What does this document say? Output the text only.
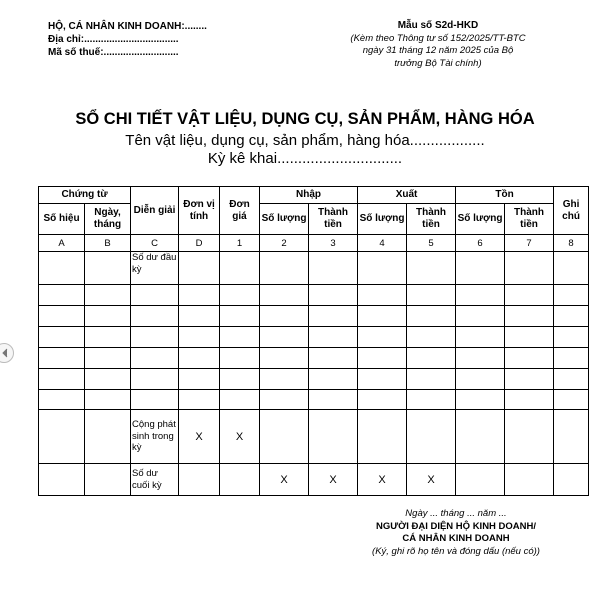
HỘ, CÁ NHÂN KINH DOANH:........
Địa chỉ:..................................
Mã số thuế:...........................
Mẫu số S2d-HKD
(Kèm theo Thông tư số 152/2025/TT-BTC ngày 31 tháng 12 năm 2025 của Bộ trưởng Bộ Tài chính)
SỔ CHI TIẾT VẬT LIỆU, DỤNG CỤ, SẢN PHẨM, HÀNG HÓA
Tên vật liệu, dụng cụ, sản phẩm, hàng hóa..................
Kỳ kê khai..............................
Chứng từ		Diễn giải	Đơn vị tính	Đơn giá	Nhập		Xuất		Tồn		Ghi chú
Số hiệu	Ngày, tháng				Số lượng	Thành tiền	Số lượng	Thành tiền	Số lượng	Thành tiền	
A	B	C	D	1	2	3	4	5	6	7	8
		Số dư đầu kỳ									

		Cộng phát sinh trong kỳ	X	X							
		Số dư cuối kỳ			X	X	X	X			
Ngày ... tháng ... năm ...
NGƯỜI ĐẠI DIỆN HỘ KINH DOANH/
CÁ NHÂN KINH DOANH
(Ký, ghi rõ họ tên và đóng dấu (nếu có))
